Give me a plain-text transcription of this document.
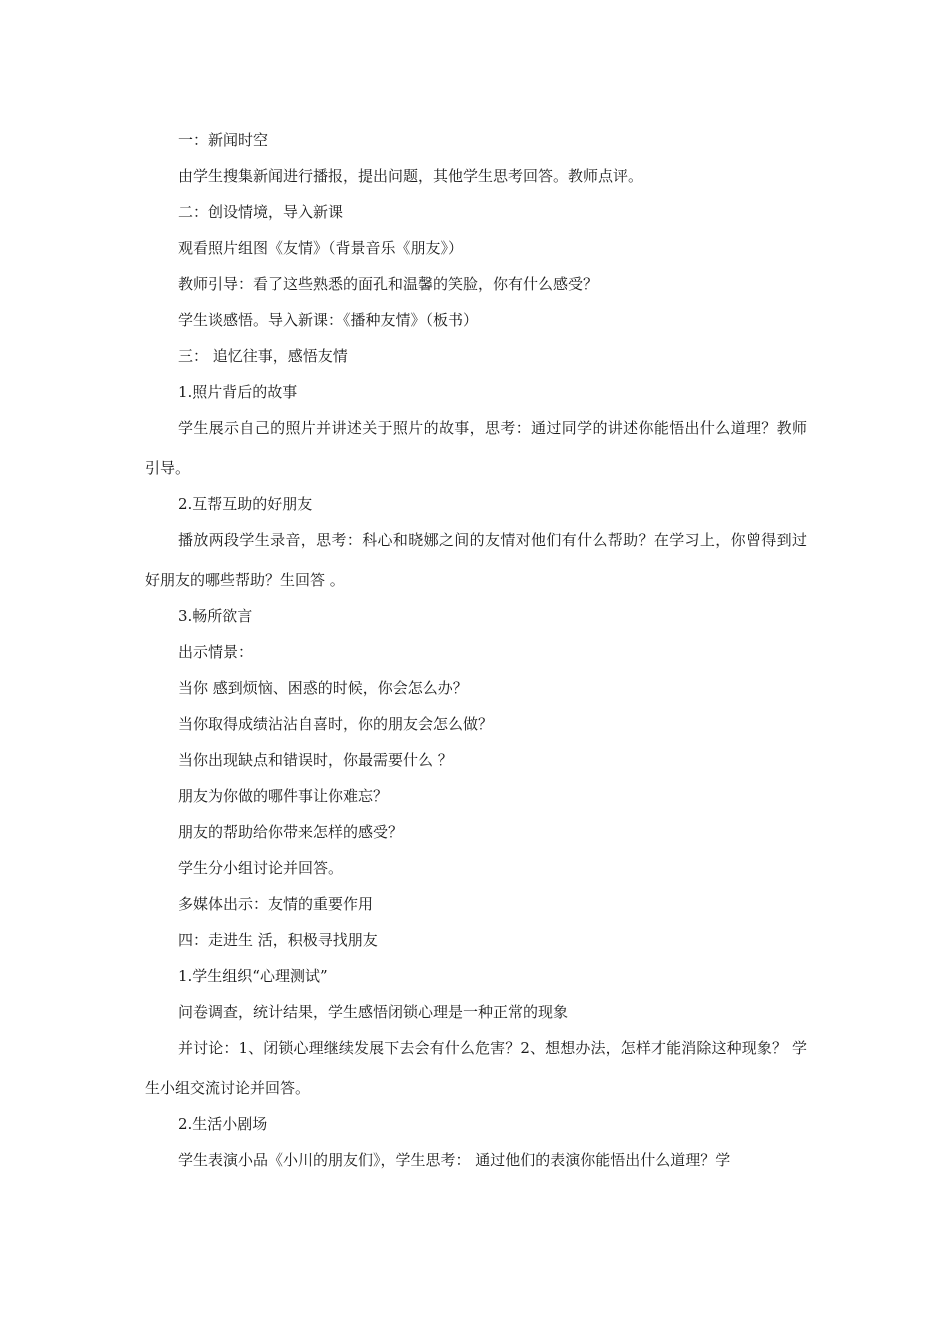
一：新闻时空
由学生搜集新闻进行播报，提出问题，其他学生思考回答。教师点评。
二：创设情境，导入新课
观看照片组图《友情》（背景音乐《朋友》）
教师引导：看了这些熟悉的面孔和温馨的笑脸，你有什么感受？
学生谈感悟。导入新课：《播种友情》（板书）
三： 追忆往事，感悟友情
1.照片背后的故事
学生展示自己的照片并讲述关于照片的故事，思考：通过同学的讲述你能悟出什么道理？教师引导。
2.互帮互助的好朋友
播放两段学生录音，思考：科心和晓娜之间的友情对他们有什么帮助？在学习上，你曾得到过好朋友的哪些帮助？生回答 。
3.畅所欲言
出示情景：
当你 感到烦恼、困惑的时候，你会怎么办？
当你取得成绩沾沾自喜时，你的朋友会怎么做？
当你出现缺点和错误时，你最需要什么 ？
朋友为你做的哪件事让你难忘？
朋友的帮助给你带来怎样的感受？
学生分小组讨论并回答。
多媒体出示：友情的重要作用
四：走进生 活，积极寻找朋友
1.学生组织“心理测试”
问卷调查，统计结果，学生感悟闭锁心理是一种正常的现象
并讨论：1、闭锁心理继续发展下去会有什么危害？2、想想办法，怎样才能消除这种现象？ 学生小组交流讨论并回答。
2.生活小剧场
学生表演小品《小川的朋友们》，学生思考： 通过他们的表演你能悟出什么道理？学
